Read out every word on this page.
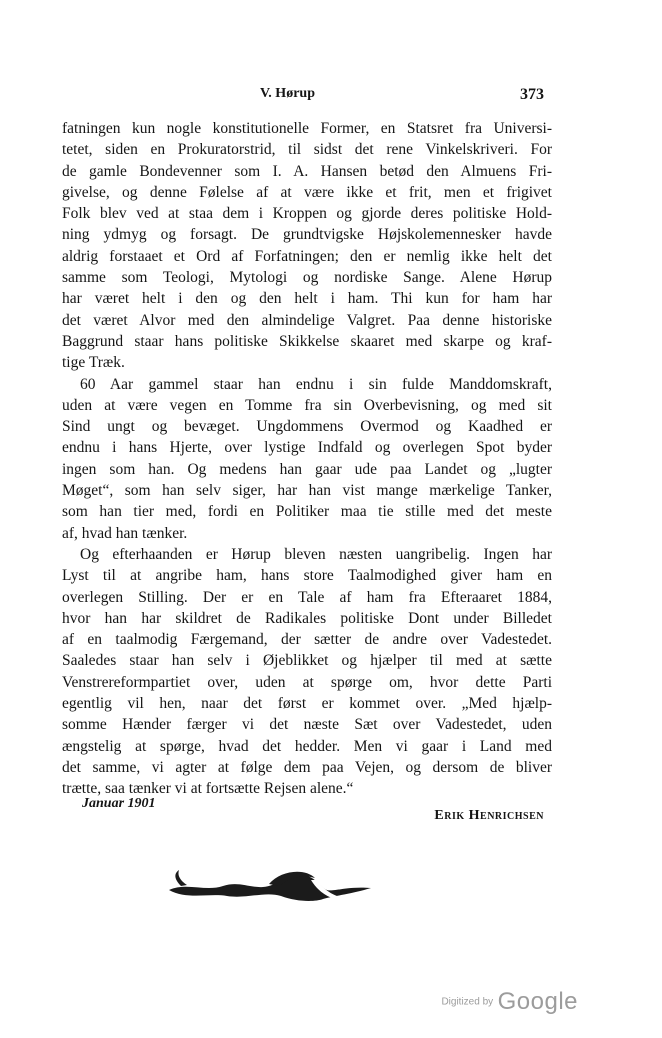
V. Hørup	373
fatningen kun nogle konstitutionelle Former, en Statsret fra Universi-
tetet, siden en Prokuratorstrid, til sidst det rene Vinkelskriveri. For
de gamle Bondevenner som I. A. Hansen betød den Almuens Fri-
givelse, og denne Følelse af at være ikke et frit, men et frigivet
Folk blev ved at staa dem i Kroppen og gjorde deres politiske Hold-
ning ydmyg og forsagt. De grundtvigske Højskolemennesker havde
aldrig forstaaet et Ord af Forfatningen; den er nemlig ikke helt det
samme som Teologi, Mytologi og nordiske Sange. Alene Hørup
har været helt i den og den helt i ham. Thi kun for ham har
det været Alvor med den almindelige Valgret. Paa denne historiske
Baggrund staar hans politiske Skikkelse skaaret med skarpe og kraf-
tige Træk.
60 Aar gammel staar han endnu i sin fulde Manddomskraft,
uden at være vegen en Tomme fra sin Overbevisning, og med sit
Sind ungt og bevæget. Ungdommens Overmod og Kaadhed er
endnu i hans Hjerte, over lystige Indfald og overlegen Spot byder
ingen som han. Og medens han gaar ude paa Landet og „lugter
Møget“, som han selv siger, har han vist mange mærkelige Tanker,
som han tier med, fordi en Politiker maa tie stille med det meste
af, hvad han tænker.
Og efterhaanden er Hørup bleven næsten uangribelig. Ingen har
Lyst til at angribe ham, hans store Taalmodighed giver ham en
overlegen Stilling. Der er en Tale af ham fra Efteraaret 1884,
hvor han har skildret de Radikales politiske Dont under Billedet
af en taalmodig Færgemand, der sætter de andre over Vadestedet.
Saaledes staar han selv i Øjeblikket og hjælper til med at sætte
Venstrereformpartiet over, uden at spørge om, hvor dette Parti
egentlig vil hen, naar det først er kommet over. „Med hjælp-
somme Hænder færger vi det næste Sæt over Vadestedet, uden
ængstelig at spørge, hvad det hedder. Men vi gaar i Land med
det samme, vi agter at følge dem paa Vejen, og dersom de bliver
trætte, saa tænker vi at fortsætte Rejsen alene.“
Januar 1901
Erik Henrichsen
Digitized by Google
